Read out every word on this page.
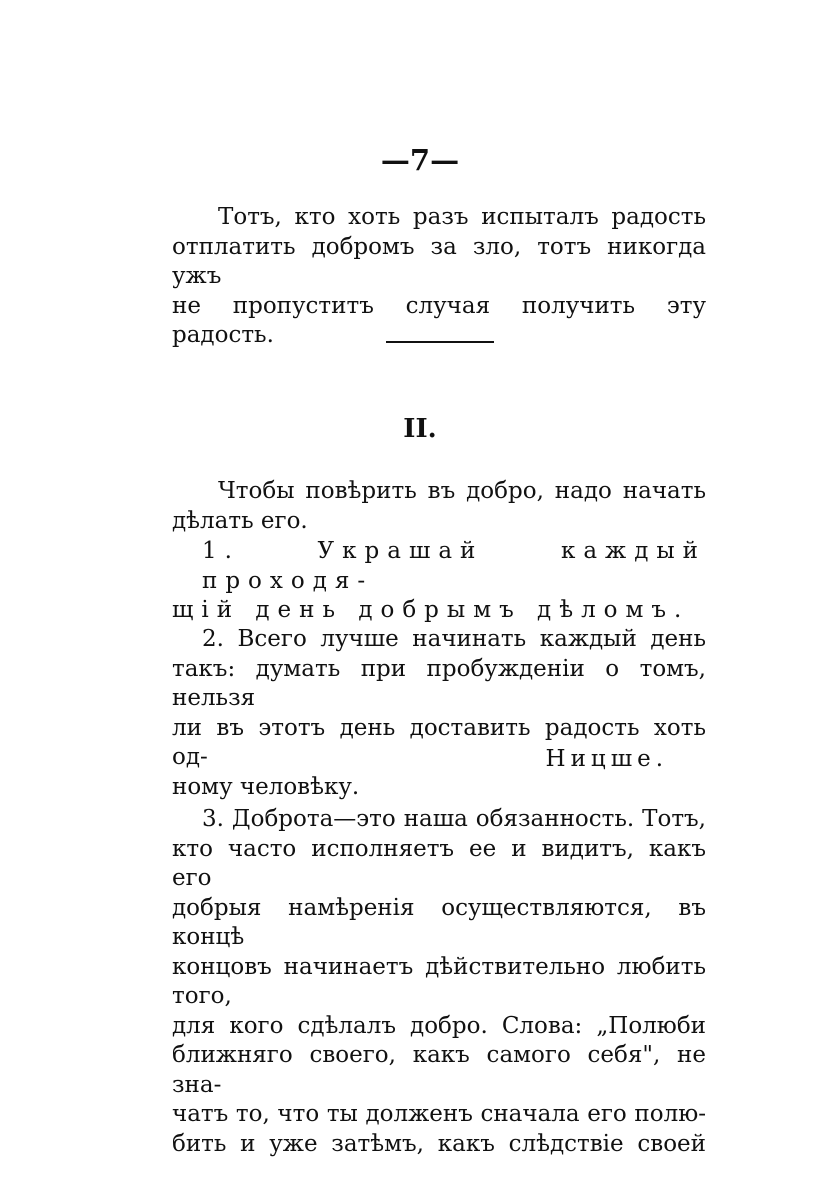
—7—

Тотъ, кто хоть разъ испыталъ радость
отплатить добромъ за зло, тотъ никогда ужъ
не пропуститъ случая получить эту радость.

II.

Чтобы повѣрить въ добро, надо начать
дѣлать его.

1. Украшай каждый проходя-
щій день добрымъ дѣломъ.

2. Всего лучше начинать каждый день
такъ: думать при пробужденіи о томъ, нельзя
ли въ этотъ день доставить радость хоть од-
ному человѣку.

Ницше.

3. Доброта—это наша обязанность. Тотъ,
кто часто исполняетъ ее и видитъ, какъ его
добрыя намѣренія осуществляются, въ концѣ
концовъ начинаетъ дѣйствительно любить того,
для кого сдѣлалъ добро. Слова: „Полюби
ближняго своего, какъ самого себя", не зна-
чатъ то, что ты долженъ сначала его полю-
бить и уже затѣмъ, какъ слѣдствіе своей
